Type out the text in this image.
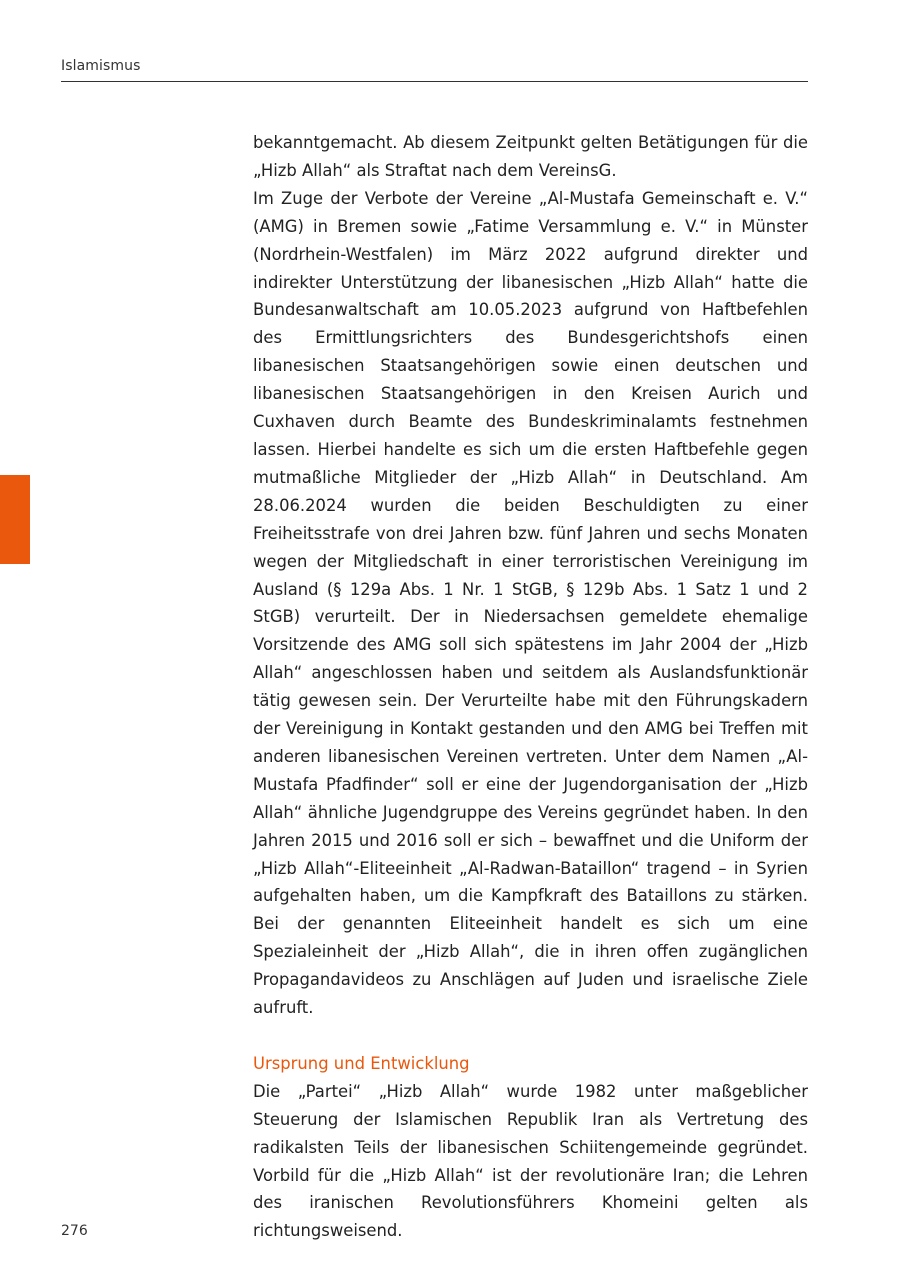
Islamismus

bekanntgemacht. Ab diesem Zeitpunkt gelten Betätigungen für die „Hizb Allah“ als Straftat nach dem VereinsG.

Im Zuge der Verbote der Vereine „Al-Mustafa Gemeinschaft e. V.“ (AMG) in Bremen sowie „Fatime Versammlung e. V.“ in Münster (Nordrhein-Westfalen) im März 2022 aufgrund direkter und indirekter Unterstützung der libanesischen „Hizb Allah“ hatte die Bundesanwaltschaft am 10.05.2023 aufgrund von Haftbefehlen des Ermittlungsrichters des Bundesgerichtshofs einen libanesischen Staatsangehörigen sowie einen deutschen und libanesischen Staatsangehörigen in den Kreisen Aurich und Cuxhaven durch Beamte des Bundeskriminalamts festnehmen lassen. Hierbei handelte es sich um die ersten Haftbefehle gegen mutmaßliche Mitglieder der „Hizb Allah“ in Deutschland. Am 28.06.2024 wurden die beiden Beschuldigten zu einer Freiheitsstrafe von drei Jahren bzw. fünf Jahren und sechs Monaten wegen der Mitgliedschaft in einer terroristischen Vereinigung im Ausland (§ 129a Abs. 1 Nr. 1 StGB, § 129b Abs. 1 Satz 1 und 2 StGB) verurteilt. Der in Niedersachsen gemeldete ehemalige Vorsitzende des AMG soll sich spätestens im Jahr 2004 der „Hizb Allah“ angeschlossen haben und seitdem als Auslandsfunktionär tätig gewesen sein. Der Verurteilte habe mit den Führungskadern der Vereinigung in Kontakt gestanden und den AMG bei Treffen mit anderen libanesischen Vereinen vertreten. Unter dem Namen „Al-Mustafa Pfadfinder“ soll er eine der Jugendorganisation der „Hizb Allah“ ähnliche Jugendgruppe des Vereins gegründet haben. In den Jahren 2015 und 2016 soll er sich – bewaffnet und die Uniform der „Hizb Allah“-Eliteeinheit „Al-Radwan-Bataillon“ tragend – in Syrien aufgehalten haben, um die Kampfkraft des Bataillons zu stärken. Bei der genannten Eliteeinheit handelt es sich um eine Spezialeinheit der „Hizb Allah“, die in ihren offen zugänglichen Propagandavideos zu Anschlägen auf Juden und israelische Ziele aufruft.

Ursprung und Entwicklung

Die „Partei“ „Hizb Allah“ wurde 1982 unter maßgeblicher Steuerung der Islamischen Republik Iran als Vertretung des radikalsten Teils der libanesischen Schiitengemeinde gegründet. Vorbild für die „Hizb Allah“ ist der revolutionäre Iran; die Lehren des iranischen Revolutionsführers Khomeini gelten als richtungsweisend.

276
